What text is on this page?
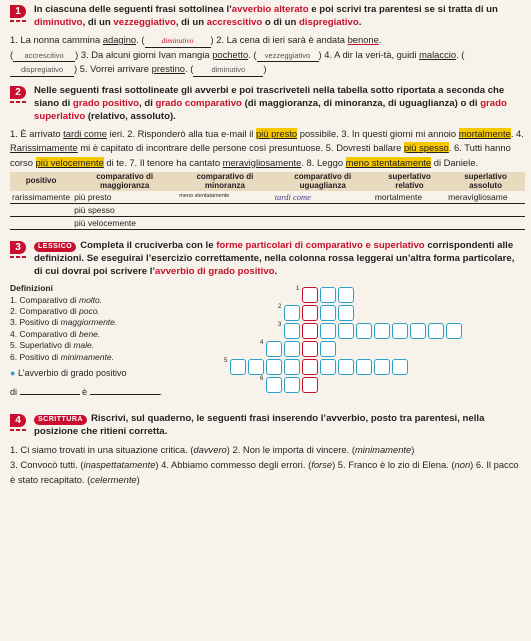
1	In ciascuna delle seguenti frasi sottolinea l’avverbio alterato e poi scrivi tra parentesi se si tratta di un diminutivo, di un vezzeggiativo, di un accrescitivo o di un dispregiativo.
1. La nonna cammina adagino. ( diminutivo ) 2. La cena di ieri sarà è andata benone.
( accrescitivo ) 3. Da alcuni giorni Ivan mangia pochetto. ( vezzeggiativo ) 4. A dir la veri-tà, guidi malaccio. (dispregiativo ) 5. Vorrei arrivare prestino. ( diminutivo )
2	Nelle seguenti frasi sottolineate gli avverbi e poi trascriveteli nella tabella sotto riportata a seconda che siano di grado positivo, di grado comparativo (di maggioranza, di minoranza, di uguaglianza) o di grado superlativo (relativo, assoluto).
1. È arrivato tardi come ieri. 2. Risponderò alla tua e-mail il più presto possibile. 3. In questi giorni mi annoio mortalmente. 4. Rarissimamente mi è capitato di incontrare delle persone così presuntuose. 5. Dovresti ballare più spesso. 6. Tutti hanno corso più velocemente di te. 7. Il tenore ha cantato meravigliosamente. 8. Leggo meno stentatamente di Daniele.
positivo	comparativo di maggioranza	comparativo di minoranza	comparativo di uguaglianza	superlativo relativo	superlativo assoluto
rarissimamente	più presto	meno stentatamente	tardi come	mortalmente	meravigliosame
	più spesso				
	più velocemente				
3	LESSICO Completa il cruciverba con le forme particolari di comparativo e superlativo corrispondenti alle definizioni. Se eseguirai l’esercizio correttamente, nella colonna rossa leggerai un’altra forma particolare, di cui dovrai poi scrivere l’avverbio di grado positivo.
Definizioni
1. Comparativo di molto.
2. Comparativo di poco.
3. Positivo di maggiormente.
4. Comparativo di bene.
5. Superlativo di male.
6. Positivo di minimamente.
● L’avverbio di grado positivo
di	è	.
1
2
3
4
5
6
4	SCRITTURA Riscrivi, sul quaderno, le seguenti frasi inserendo l’avverbio, posto tra parentesi, nella posizione che ritieni corretta.
1. Ci siamo trovati in una situazione critica. (davvero) 2. Non le importa di vincere. (minimamente)
3. Convocò tutti. (inaspettatamente) 4. Abbiamo commesso degli errori. (forse) 5. Franco è lo zio di Elena. (non) 6. Il pacco è stato recapitato. (celermente)
